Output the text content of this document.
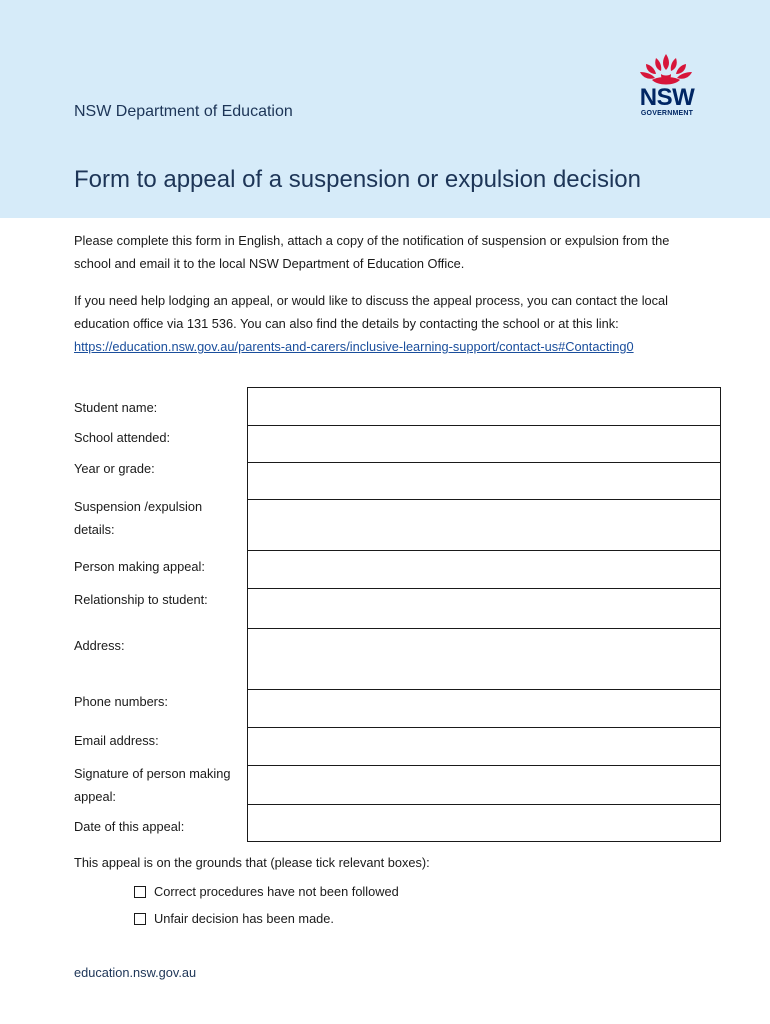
NSW Department of Education
NSW
GOVERNMENT
Form to appeal of a suspension or expulsion decision
Please complete this form in English, attach a copy of the notification of suspension or expulsion from the school and email it to the local NSW Department of Education Office.
If you need help lodging an appeal, or would like to discuss the appeal process, you can contact the local education office via 131 536. You can also find the details by contacting the school or at this link: https://education.nsw.gov.au/parents-and-carers/inclusive-learning-support/contact-us#Contacting0
Student name:
School attended:
Year or grade:
Suspension /expulsion details:
Person making appeal:
Relationship to student:
Address:
Phone numbers:
Email address:
Signature of person making appeal:
Date of this appeal:
This appeal is on the grounds that (please tick relevant boxes):
Correct procedures have not been followed
Unfair decision has been made.
education.nsw.gov.au
